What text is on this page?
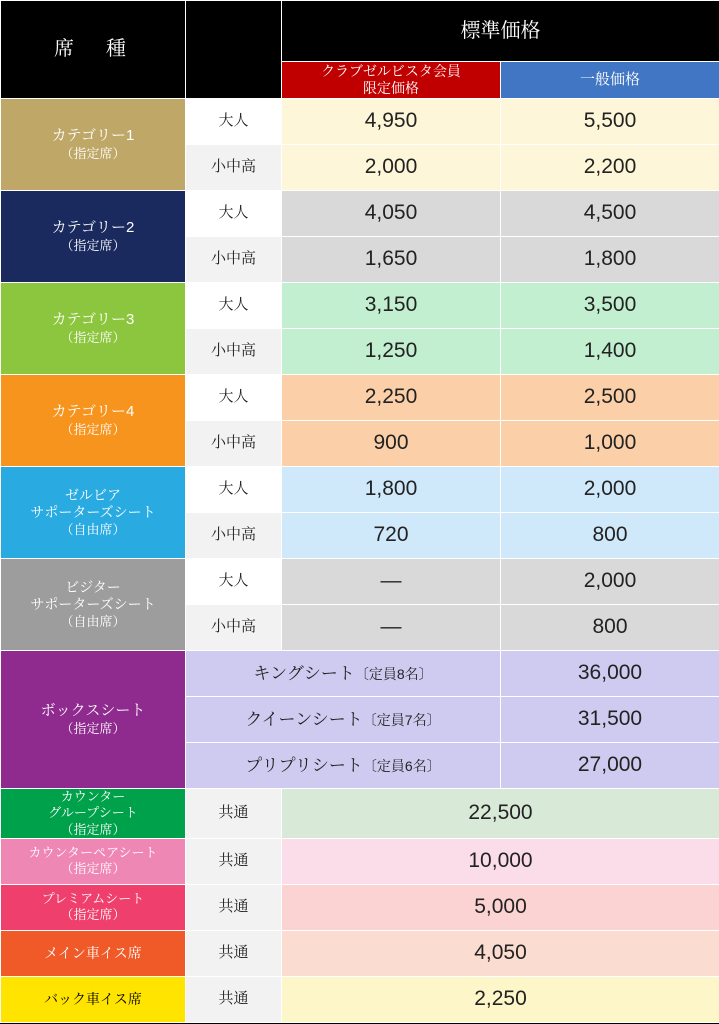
席　種		標準価格	

		クラブゼルビスタ会員
限定価格	一般価格

カテゴリー1
（指定席）	大人	4,950	5,500
	小中高	2,000	2,200

カテゴリー2
（指定席）	大人	4,050	4,500
	小中高	1,650	1,800

カテゴリー3
（指定席）	大人	3,150	3,500
	小中高	1,250	1,400

カテゴリー4
（指定席）	大人	2,250	2,500
	小中高	900	1,000

ゼルビア
サポーターズシート
（自由席）	大人	1,800	2,000
	小中高	720	800

ビジター
サポーターズシート
（自由席）	大人	—	2,000
	小中高	—	800

ボックスシート
（指定席）	キングシート〔定員8名〕		36,000
	クイーンシート〔定員7名〕		31,500
	プリプリシート〔定員6名〕		27,000

カウンター
グループシート
（指定席）	共通	22,500	

カウンターペアシート
（指定席）	共通	10,000	

プレミアムシート
（指定席）	共通	5,000	

メイン車イス席	共通	4,050	

バック車イス席	共通	2,250	
